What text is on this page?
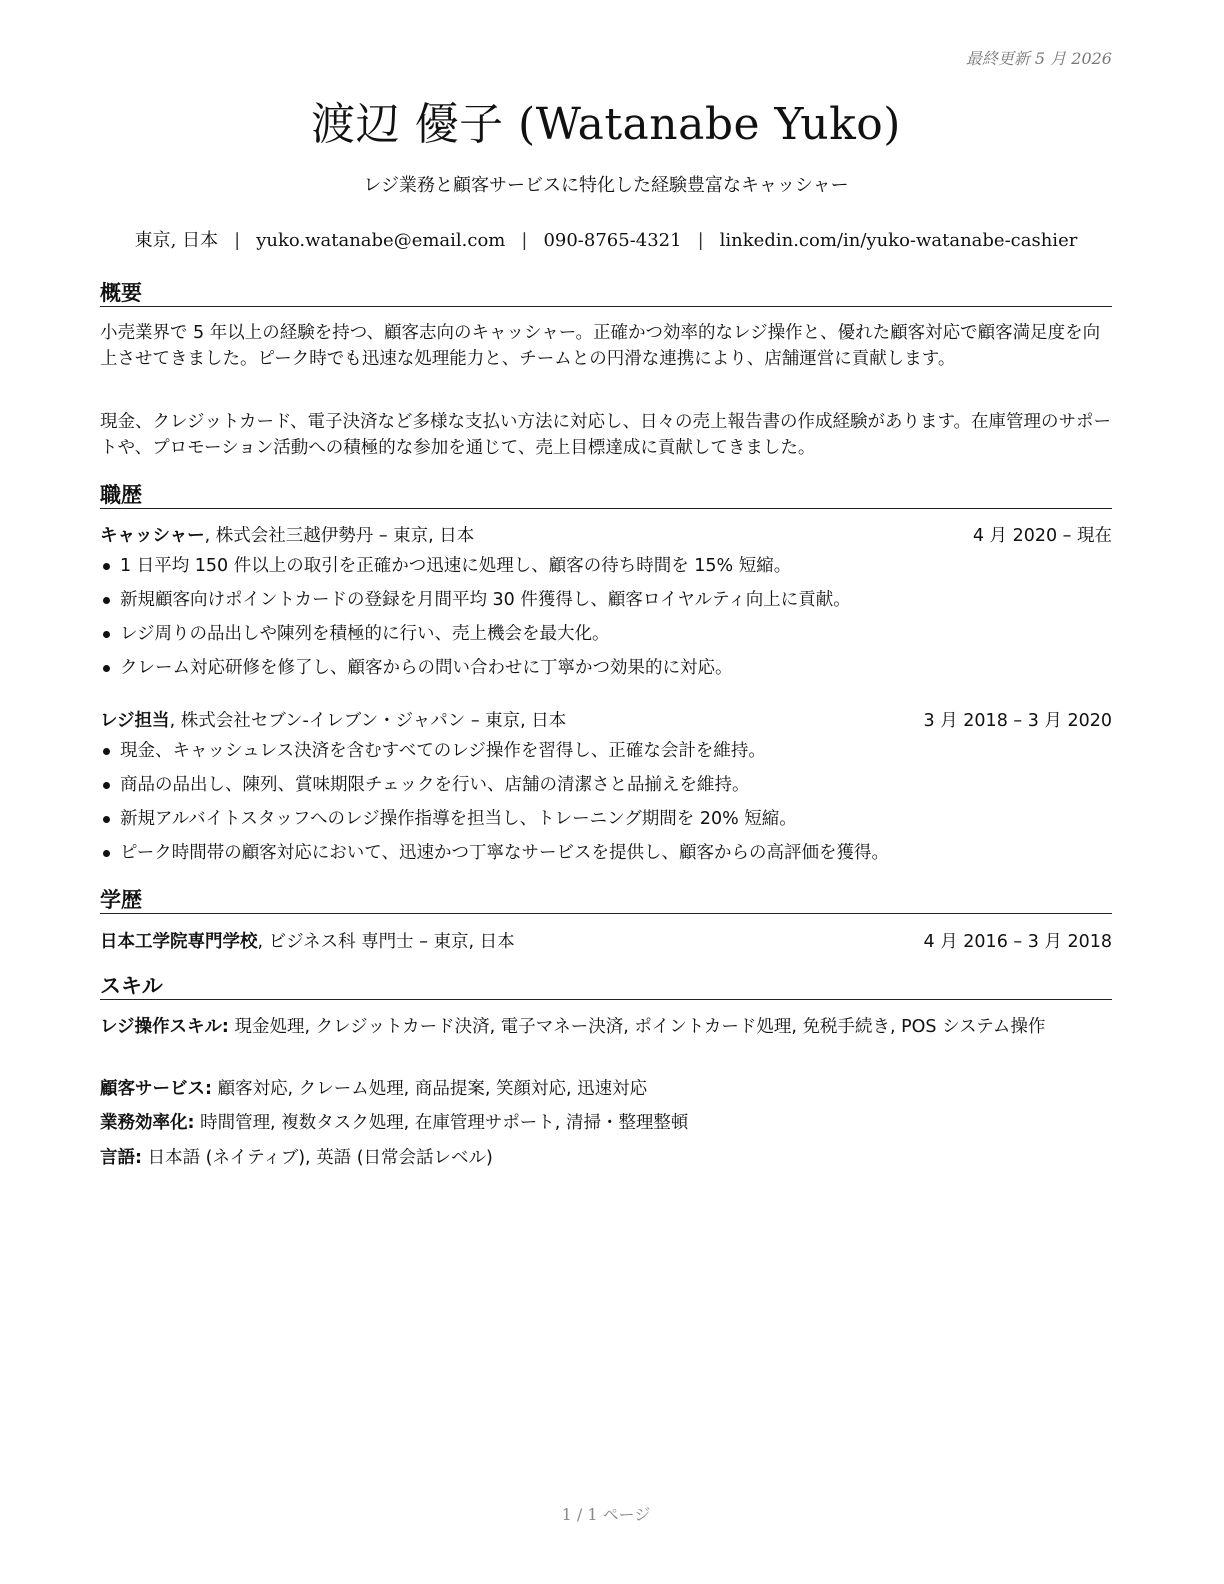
最終更新 5 月 2026
渡辺 優子 (Watanabe Yuko)
レジ業務と顧客サービスに特化した経験豊富なキャッシャー
東京, 日本 | yuko.watanabe@email.com | 090-8765-4321 | linkedin.com/in/yuko-watanabe-cashier
概要

小売業界で 5 年以上の経験を持つ、顧客志向のキャッシャー。正確かつ効率的なレジ操作と、優れた顧客対応で顧客満足度を向上させてきました。ピーク時でも迅速な処理能力と、チームとの円滑な連携により、店舗運営に貢献します。

現金、クレジットカード、電子決済など多様な支払い方法に対応し、日々の売上報告書の作成経験があります。在庫管理のサポートや、プロモーション活動への積極的な参加を通じて、売上目標達成に貢献してきました。

職歴
キャッシャー, 株式会社三越伊勢丹 – 東京, 日本	4 月 2020 – 現在
1 日平均 150 件以上の取引を正確かつ迅速に処理し、顧客の待ち時間を 15% 短縮。
新規顧客向けポイントカードの登録を月間平均 30 件獲得し、顧客ロイヤルティ向上に貢献。
レジ周りの品出しや陳列を積極的に行い、売上機会を最大化。
クレーム対応研修を修了し、顧客からの問い合わせに丁寧かつ効果的に対応。
レジ担当, 株式会社セブン-イレブン・ジャパン – 東京, 日本	3 月 2018 – 3 月 2020
現金、キャッシュレス決済を含むすべてのレジ操作を習得し、正確な会計を維持。
商品の品出し、陳列、賞味期限チェックを行い、店舗の清潔さと品揃えを維持。
新規アルバイトスタッフへのレジ操作指導を担当し、トレーニング期間を 20% 短縮。
ピーク時間帯の顧客対応において、迅速かつ丁寧なサービスを提供し、顧客からの高評価を獲得。
学歴
日本工学院専門学校, ビジネス科 専門士 – 東京, 日本	4 月 2016 – 3 月 2018
スキル
レジ操作スキル: 現金処理, クレジットカード決済, 電子マネー決済, ポイントカード処理, 免税手続き, POS システム操作
顧客サービス: 顧客対応, クレーム処理, 商品提案, 笑顔対応, 迅速対応
業務効率化: 時間管理, 複数タスク処理, 在庫管理サポート, 清掃・整理整頓
言語: 日本語 (ネイティブ), 英語 (日常会話レベル)
1 / 1 ページ
